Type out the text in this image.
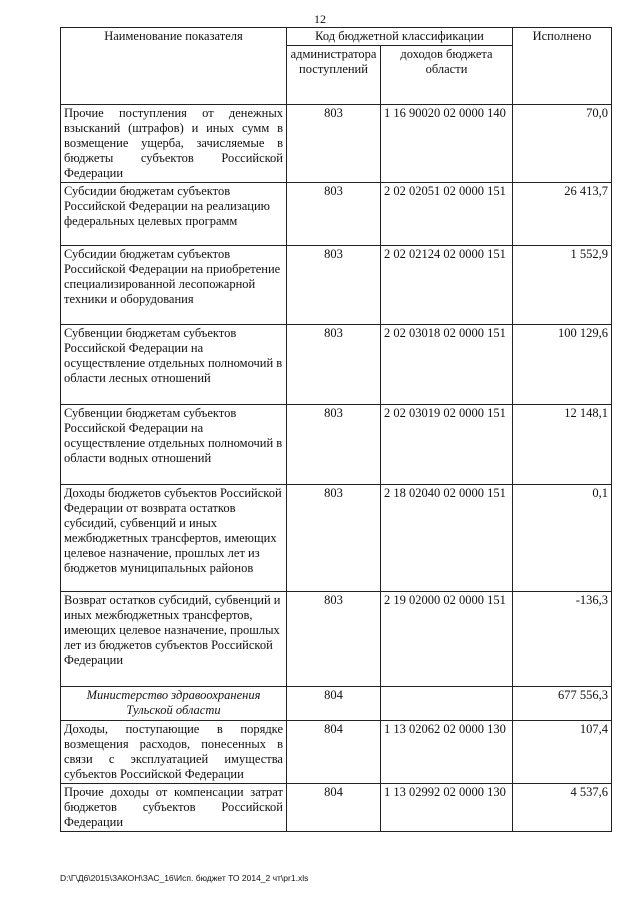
12
Наименование показателя	Код бюджетной классификации		Исполнено
	администратора поступлений	доходов бюджета области	
Прочие поступления от денежных взысканий (штрафов) и иных сумм в возмещение ущерба, зачисляемые в бюджеты субъектов Российской Федерации	803	1 16 90020 02 0000 140	70,0
Субсидии бюджетам субъектов Российской Федерации на реализацию федеральных целевых программ	803	2 02 02051 02 0000 151	26 413,7
Субсидии бюджетам субъектов Российской Федерации на приобретение специализированной лесопожарной техники и оборудования	803	2 02 02124 02 0000 151	1 552,9
Субвенции бюджетам субъектов Российской Федерации на осуществление отдельных полномочий в области лесных отношений	803	2 02 03018 02 0000 151	100 129,6
Субвенции бюджетам субъектов Российской Федерации на осуществление отдельных полномочий в области водных отношений	803	2 02 03019 02 0000 151	12 148,1
Доходы бюджетов субъектов Российской Федерации от возврата остатков субсидий, субвенций и иных межбюджетных трансфертов, имеющих целевое назначение, прошлых лет из бюджетов муниципальных районов	803	2 18 02040 02 0000 151	0,1
Возврат остатков субсидий, субвенций и иных межбюджетных трансфертов, имеющих целевое назначение, прошлых лет из бюджетов субъектов Российской Федерации	803	2 19 02000 02 0000 151	-136,3
Министерство здравоохранения Тульской области	804		677 556,3
Доходы, поступающие в порядке возмещения расходов, понесенных в связи с эксплуатацией имущества субъектов Российской Федерации	804	1 13 02062 02 0000 130	107,4
Прочие доходы от компенсации затрат бюджетов субъектов Российской Федерации	804	1 13 02992 02 0000 130	4 537,6
D:\Г\Д6\2015\ЗАКОН\ЗАС_16\Исп. бюджет ТО 2014_2 чт\pr1.xls
